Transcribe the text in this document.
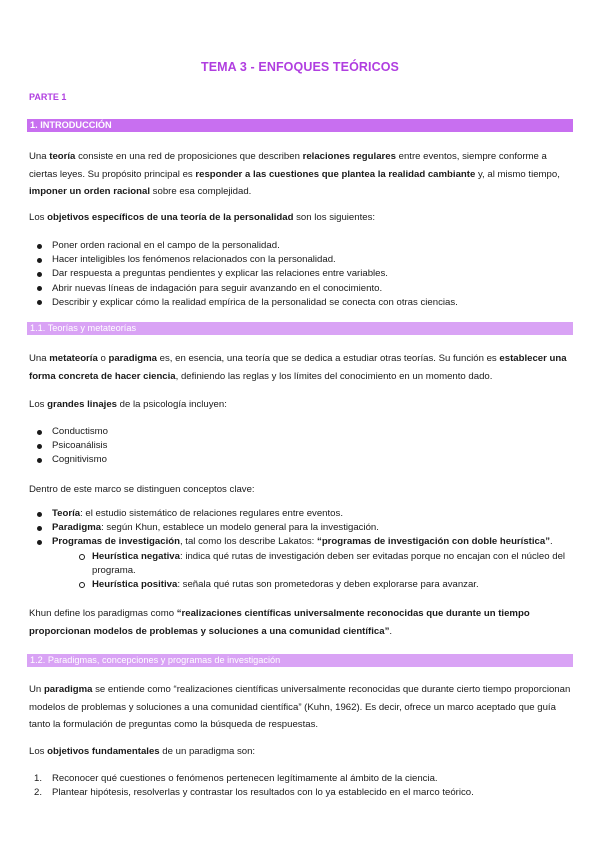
TEMA 3 - ENFOQUES TEÓRICOS
PARTE 1
1. INTRODUCCIÓN

Una teoría consiste en una red de proposiciones que describen relaciones regulares entre eventos, siempre conforme a ciertas leyes. Su propósito principal es responder a las cuestiones que plantea la realidad cambiante y, al mismo tiempo, imponer un orden racional sobre esa complejidad.

Los objetivos específicos de una teoría de la personalidad son los siguientes:

Poner orden racional en el campo de la personalidad.
Hacer inteligibles los fenómenos relacionados con la personalidad.
Dar respuesta a preguntas pendientes y explicar las relaciones entre variables.
Abrir nuevas líneas de indagación para seguir avanzando en el conocimiento.
Describir y explicar cómo la realidad empírica de la personalidad se conecta con otras ciencias.
1.1. Teorías y metateorías

Una metateoría o paradigma es, en esencia, una teoría que se dedica a estudiar otras teorías. Su función es establecer una forma concreta de hacer ciencia, definiendo las reglas y los límites del conocimiento en un momento dado.

Los grandes linajes de la psicología incluyen:

Conductismo
Psicoanálisis
Cognitivismo

Dentro de este marco se distinguen conceptos clave:

Teoría: el estudio sistemático de relaciones regulares entre eventos.
Paradigma: según Khun, establece un modelo general para la investigación.
Programas de investigación, tal como los describe Lakatos: “programas de investigación con doble heurística”.
Heurística negativa: indica qué rutas de investigación deben ser evitadas porque no encajan con el núcleo del programa.
Heurística positiva: señala qué rutas son prometedoras y deben explorarse para avanzar.

Khun define los paradigmas como “realizaciones científicas universalmente reconocidas que durante un tiempo proporcionan modelos de problemas y soluciones a una comunidad científica”.

1.2. Paradigmas, concepciones y programas de investigación

Un paradigma se entiende como “realizaciones científicas universalmente reconocidas que durante cierto tiempo proporcionan modelos de problemas y soluciones a una comunidad científica” (Kuhn, 1962). Es decir, ofrece un marco aceptado que guía tanto la formulación de preguntas como la búsqueda de respuestas.

Los objetivos fundamentales de un paradigma son:

1. Reconocer qué cuestiones o fenómenos pertenecen legítimamente al ámbito de la ciencia.
2. Plantear hipótesis, resolverlas y contrastar los resultados con lo ya establecido en el marco teórico.
